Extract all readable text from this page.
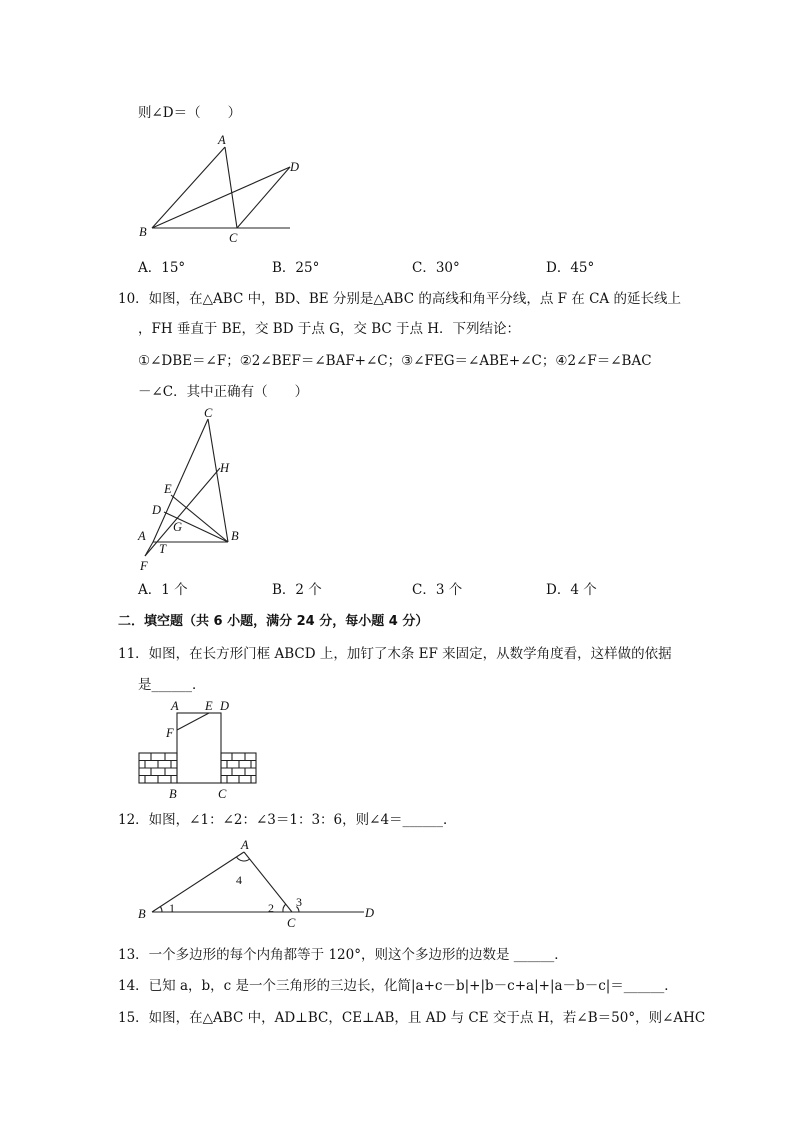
则∠D＝（　　）
A
D
B	C
A．15°	B．25°	C．30°	D．45°
10．如图，在△ABC 中，BD、BE 分别是△ABC 的高线和角平分线，点 F 在 CA 的延长线上
，FH 垂直于 BE，交 BD 于点 G，交 BC 于点 H．下列结论：
①∠DBE＝∠F；②2∠BEF＝∠BAF+∠C；③∠FEG＝∠ABE+∠C；④2∠F＝∠BAC
－∠C．其中正确有（　　）
C
H
E
D
G
A
T
B
F
A．1 个	B．2 个	C．3 个	D．4 个
二．填空题（共 6 小题，满分 24 分，每小题 4 分）
11．如图，在长方形门框 ABCD 上，加钉了木条 EF 来固定，从数学角度看，这样做的依据
是______．
A E D
F
B	C
12．如图，∠1：∠2：∠3＝1：3：6，则∠4＝______．
B
A
C
D
1
4
2 3
13．一个多边形的每个内角都等于 120°，则这个多边形的边数是 ______．
14．已知 a，b，c 是一个三角形的三边长，化简|a+c－b|+|b－c+a|+|a－b－c|＝______．
15．如图，在△ABC 中，AD⊥BC，CE⊥AB，且 AD 与 CE 交于点 H，若∠B＝50°，则∠AHC
